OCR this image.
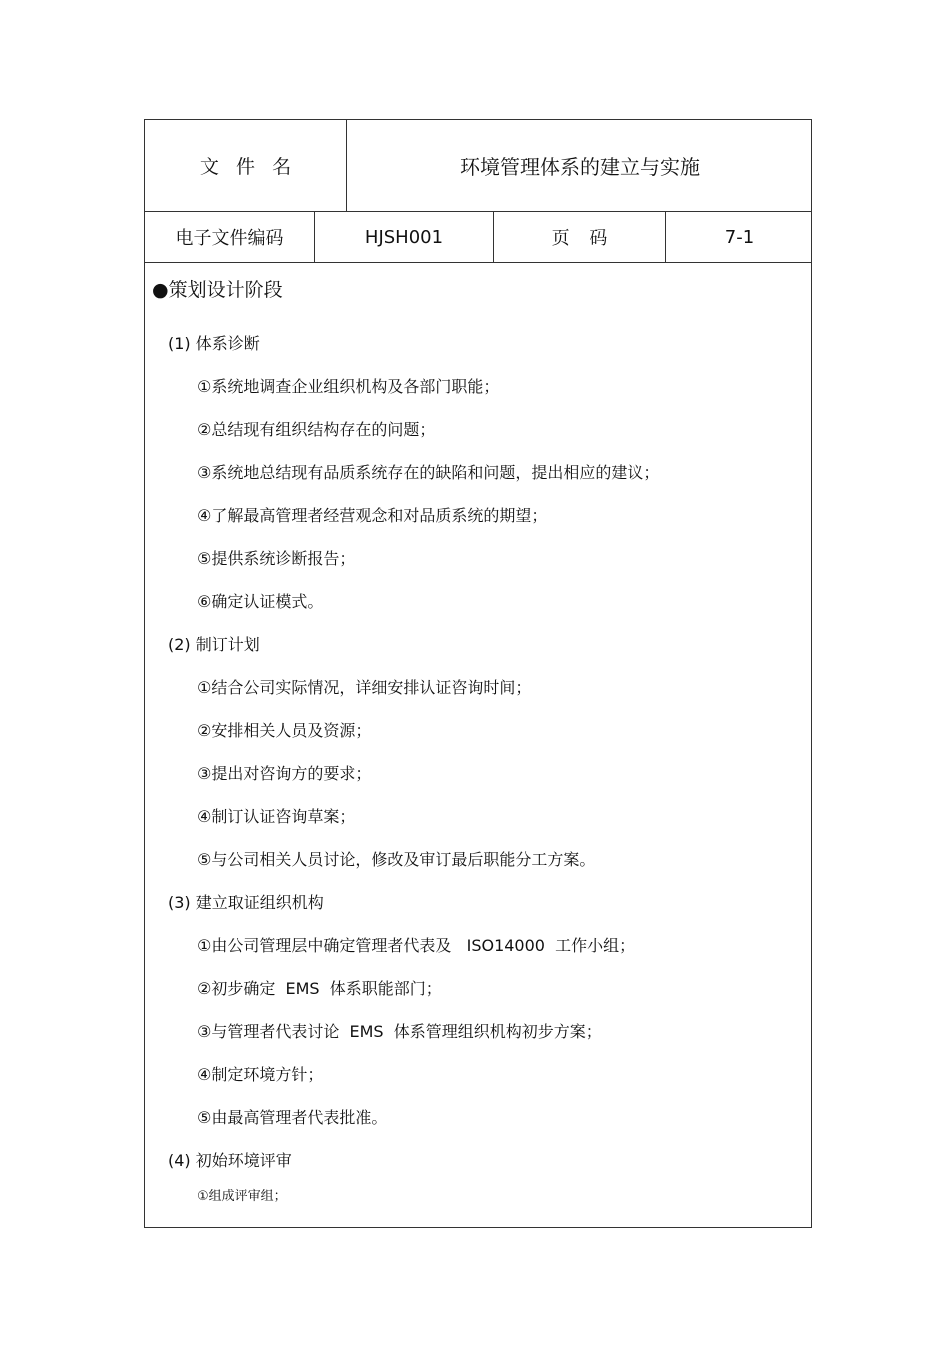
文件名	环境管理体系的建立与实施
电子文件编码	HJSH001	页码	7-1
●策划设计阶段
(1) 体系诊断
①系统地调查企业组织机构及各部门职能；
②总结现有组织结构存在的问题；
③系统地总结现有品质系统存在的缺陷和问题，提出相应的建议；
④了解最高管理者经营观念和对品质系统的期望；
⑤提供系统诊断报告；
⑥确定认证模式。
(2) 制订计划
①结合公司实际情况，详细安排认证咨询时间；
②安排相关人员及资源；
③提出对咨询方的要求；
④制订认证咨询草案；
⑤与公司相关人员讨论，修改及审订最后职能分工方案。
(3) 建立取证组织机构
①由公司管理层中确定管理者代表及   ISO14000  工作小组；
②初步确定  EMS  体系职能部门；
③与管理者代表讨论  EMS  体系管理组织机构初步方案；
④制定环境方针；
⑤由最高管理者代表批准。
(4) 初始环境评审
①组成评审组；
